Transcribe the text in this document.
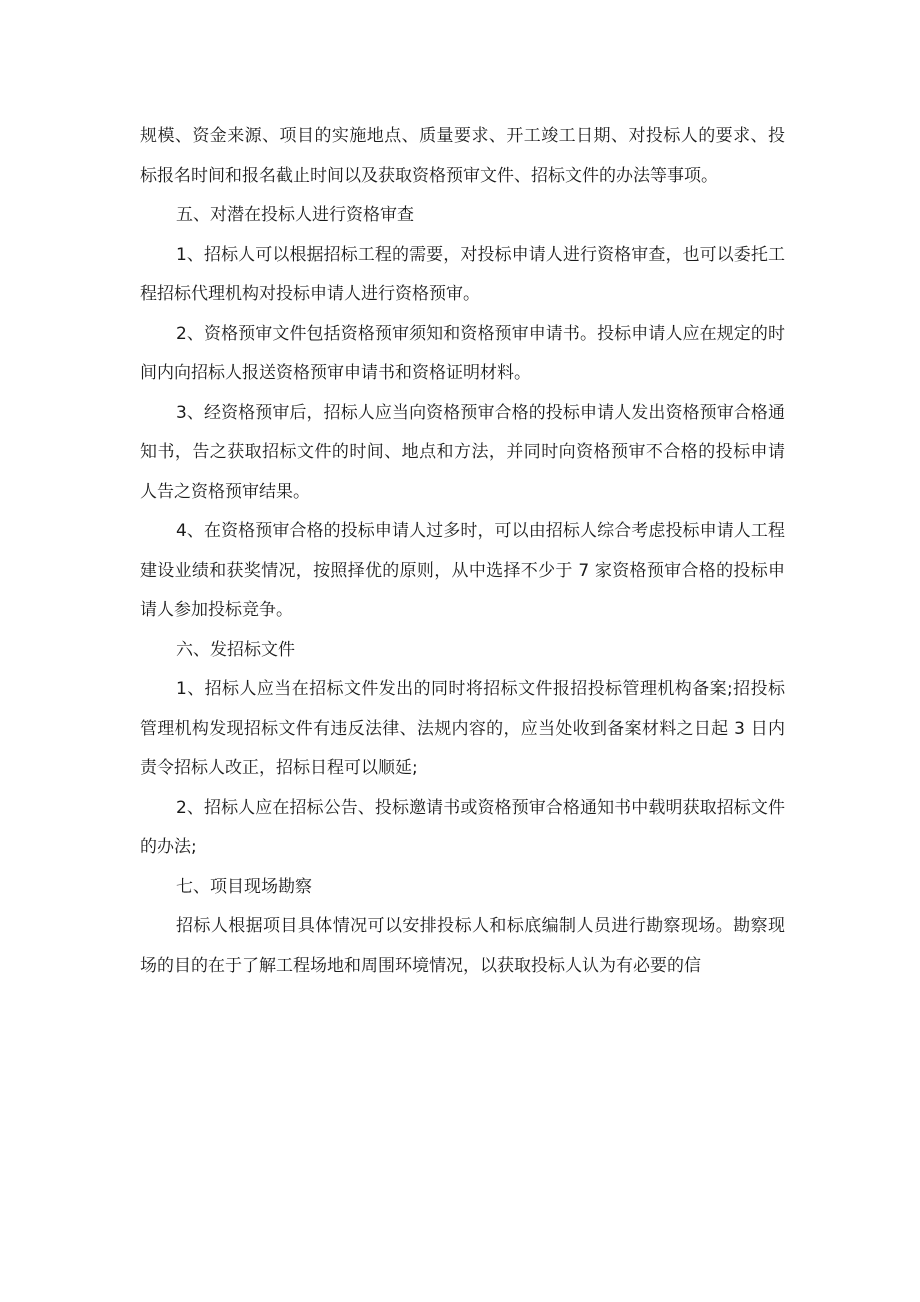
规模、资金来源、项目的实施地点、质量要求、开工竣工日期、对投标人的要求、投标报名时间和报名截止时间以及获取资格预审文件、招标文件的办法等事项。

五、对潜在投标人进行资格审查

1、招标人可以根据招标工程的需要，对投标申请人进行资格审查，也可以委托工程招标代理机构对投标申请人进行资格预审。

2、资格预审文件包括资格预审须知和资格预审申请书。投标申请人应在规定的时间内向招标人报送资格预审申请书和资格证明材料。

3、经资格预审后，招标人应当向资格预审合格的投标申请人发出资格预审合格通知书，告之获取招标文件的时间、地点和方法，并同时向资格预审不合格的投标申请人告之资格预审结果。

4、在资格预审合格的投标申请人过多时，可以由招标人综合考虑投标申请人工程建设业绩和获奖情况，按照择优的原则，从中选择不少于 7 家资格预审合格的投标申请人参加投标竞争。

六、发招标文件

1、招标人应当在招标文件发出的同时将招标文件报招投标管理机构备案;招投标管理机构发现招标文件有违反法律、法规内容的，应当处收到备案材料之日起 3 日内责令招标人改正，招标日程可以顺延;

2、招标人应在招标公告、投标邀请书或资格预审合格通知书中载明获取招标文件的办法;

七、项目现场勘察

招标人根据项目具体情况可以安排投标人和标底编制人员进行勘察现场。勘察现场的目的在于了解工程场地和周围环境情况，以获取投标人认为有必要的信
